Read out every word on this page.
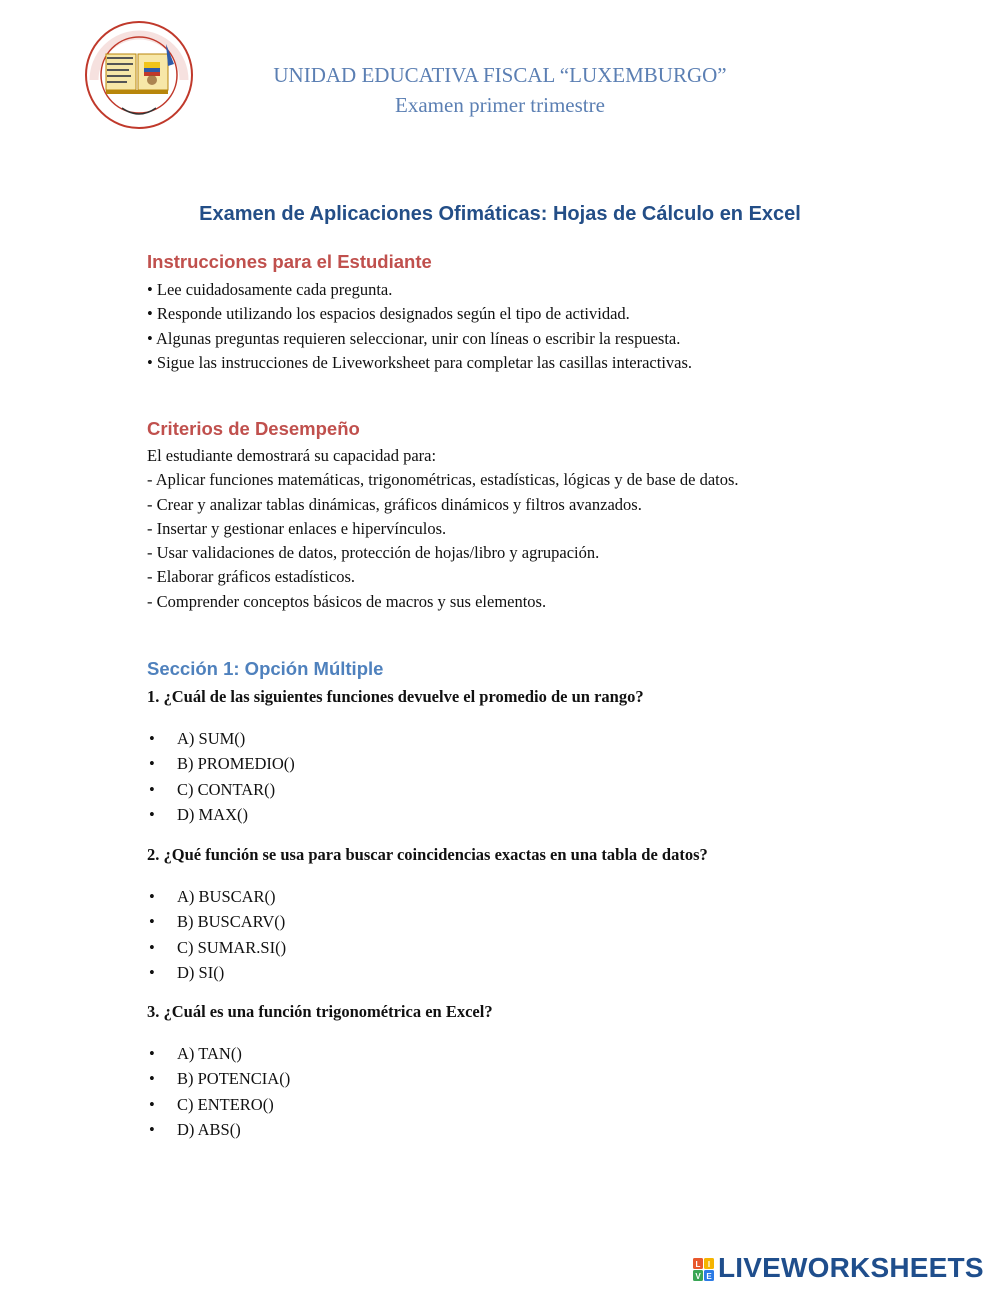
UNIDAD EDUCATIVA FISCAL “LUXEMBURGO”
Examen primer trimestre
Examen de Aplicaciones Ofimáticas: Hojas de Cálculo en Excel
Instrucciones para el Estudiante
• Lee cuidadosamente cada pregunta.
• Responde utilizando los espacios designados según el tipo de actividad.
• Algunas preguntas requieren seleccionar, unir con líneas o escribir la respuesta.
• Sigue las instrucciones de Liveworksheet para completar las casillas interactivas.
Criterios de Desempeño
El estudiante demostrará su capacidad para:
- Aplicar funciones matemáticas, trigonométricas, estadísticas, lógicas y de base de datos.
- Crear y analizar tablas dinámicas, gráficos dinámicos y filtros avanzados.
- Insertar y gestionar enlaces e hipervínculos.
- Usar validaciones de datos, protección de hojas/libro y agrupación.
- Elaborar gráficos estadísticos.
- Comprender conceptos básicos de macros y sus elementos.
Sección 1: Opción Múltiple

1. ¿Cuál de las siguientes funciones devuelve el promedio de un rango?

• A) SUM()
• B) PROMEDIO()
• C) CONTAR()
• D) MAX()

2. ¿Qué función se usa para buscar coincidencias exactas en una tabla de datos?

• A) BUSCAR()
• B) BUSCARV()
• C) SUMAR.SI()
• D) SI()

3. ¿Cuál es una función trigonométrica en Excel?

• A) TAN()
• B) POTENCIA()
• C) ENTERO()
• D) ABS()
L I
V E LIVEWORKSHEETS
